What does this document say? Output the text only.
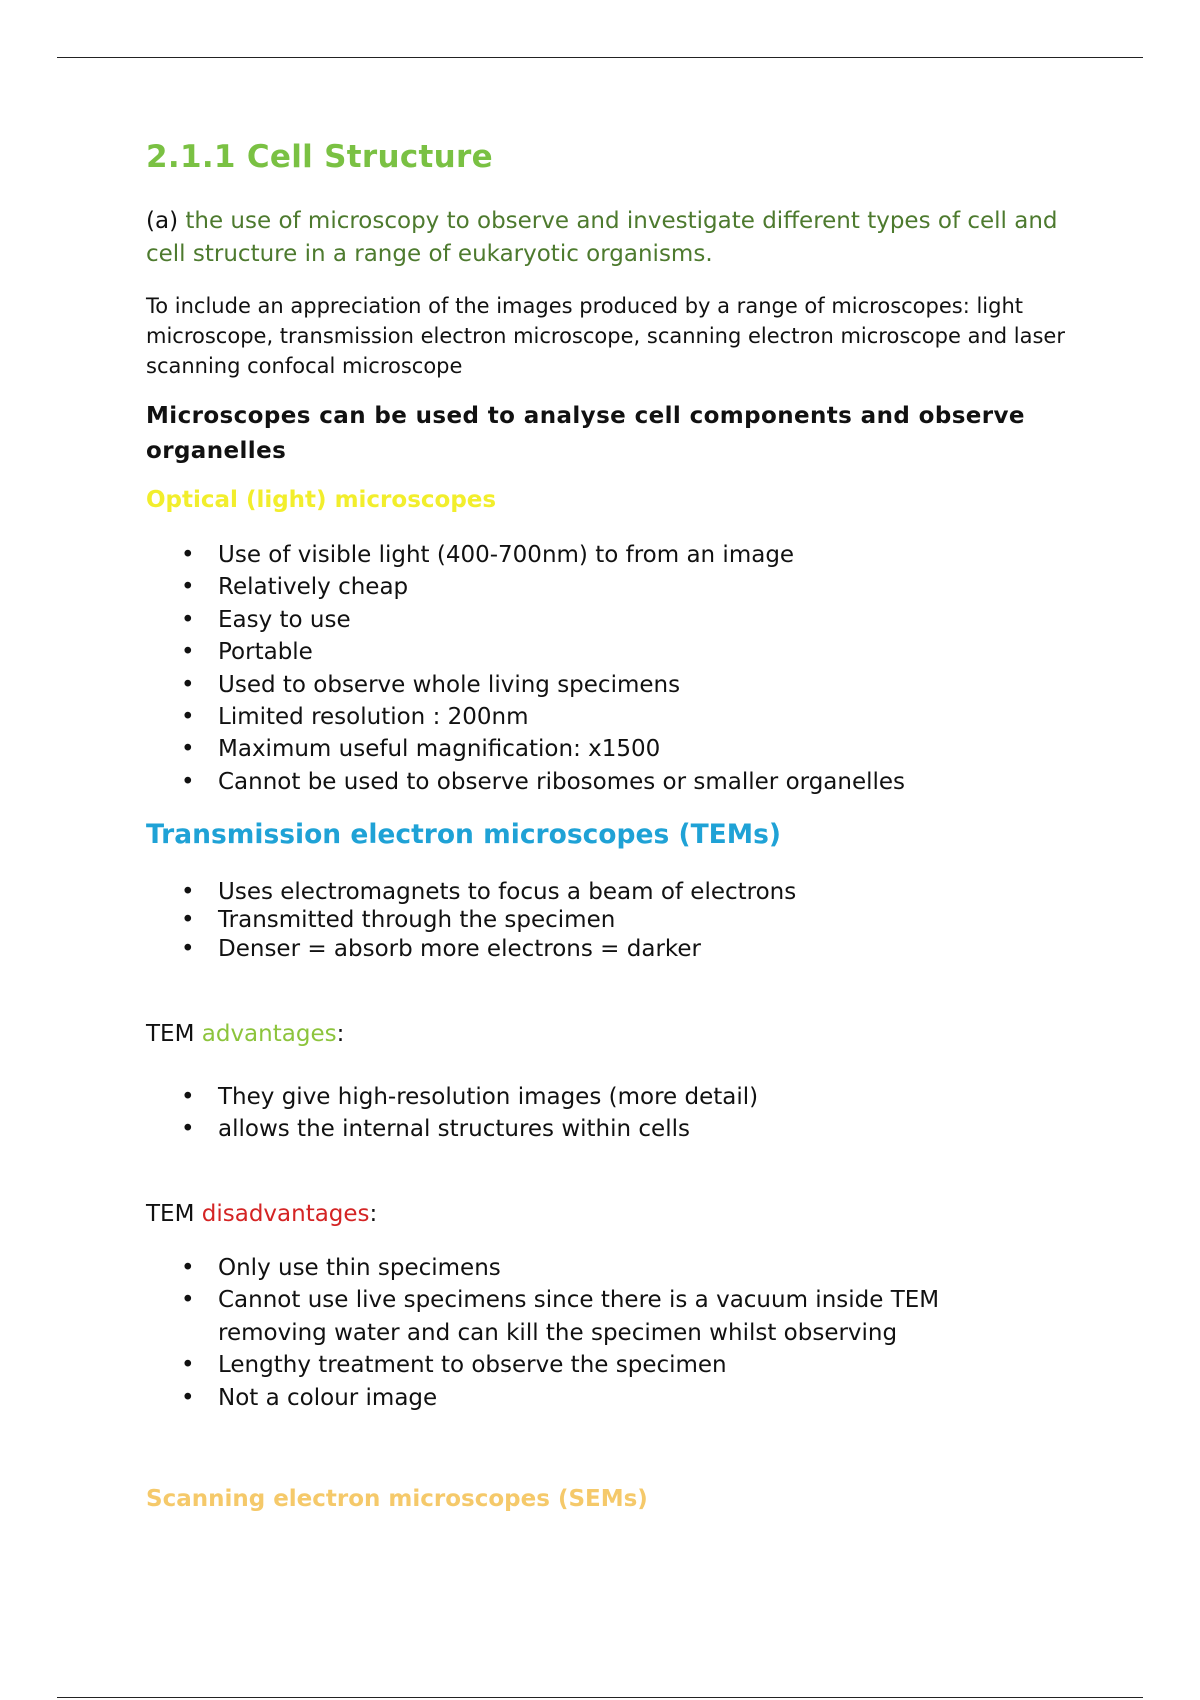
2.1.1 Cell Structure

(a) the use of microscopy to observe and investigate different types of cell and cell structure in a range of eukaryotic organisms.

To include an appreciation of the images produced by a range of microscopes: light microscope, transmission electron microscope, scanning electron microscope and laser scanning confocal microscope

Microscopes can be used to analyse cell components and observe organelles

Optical (light) microscopes
• Use of visible light (400-700nm) to from an image
• Relatively cheap
• Easy to use
• Portable
• Used to observe whole living specimens
• Limited resolution : 200nm
• Maximum useful magnification: x1500
• Cannot be used to observe ribosomes or smaller organelles
Transmission electron microscopes (TEMs)
• Uses electromagnets to focus a beam of electrons
• Transmitted through the specimen
• Denser = absorb more electrons = darker

TEM advantages:

• They give high-resolution images (more detail)
• allows the internal structures within cells

TEM disadvantages:

• Only use thin specimens
• Cannot use live specimens since there is a vacuum inside TEM removing water and can kill the specimen whilst observing
• Lengthy treatment to observe the specimen
• Not a colour image
Scanning electron microscopes (SEMs)
